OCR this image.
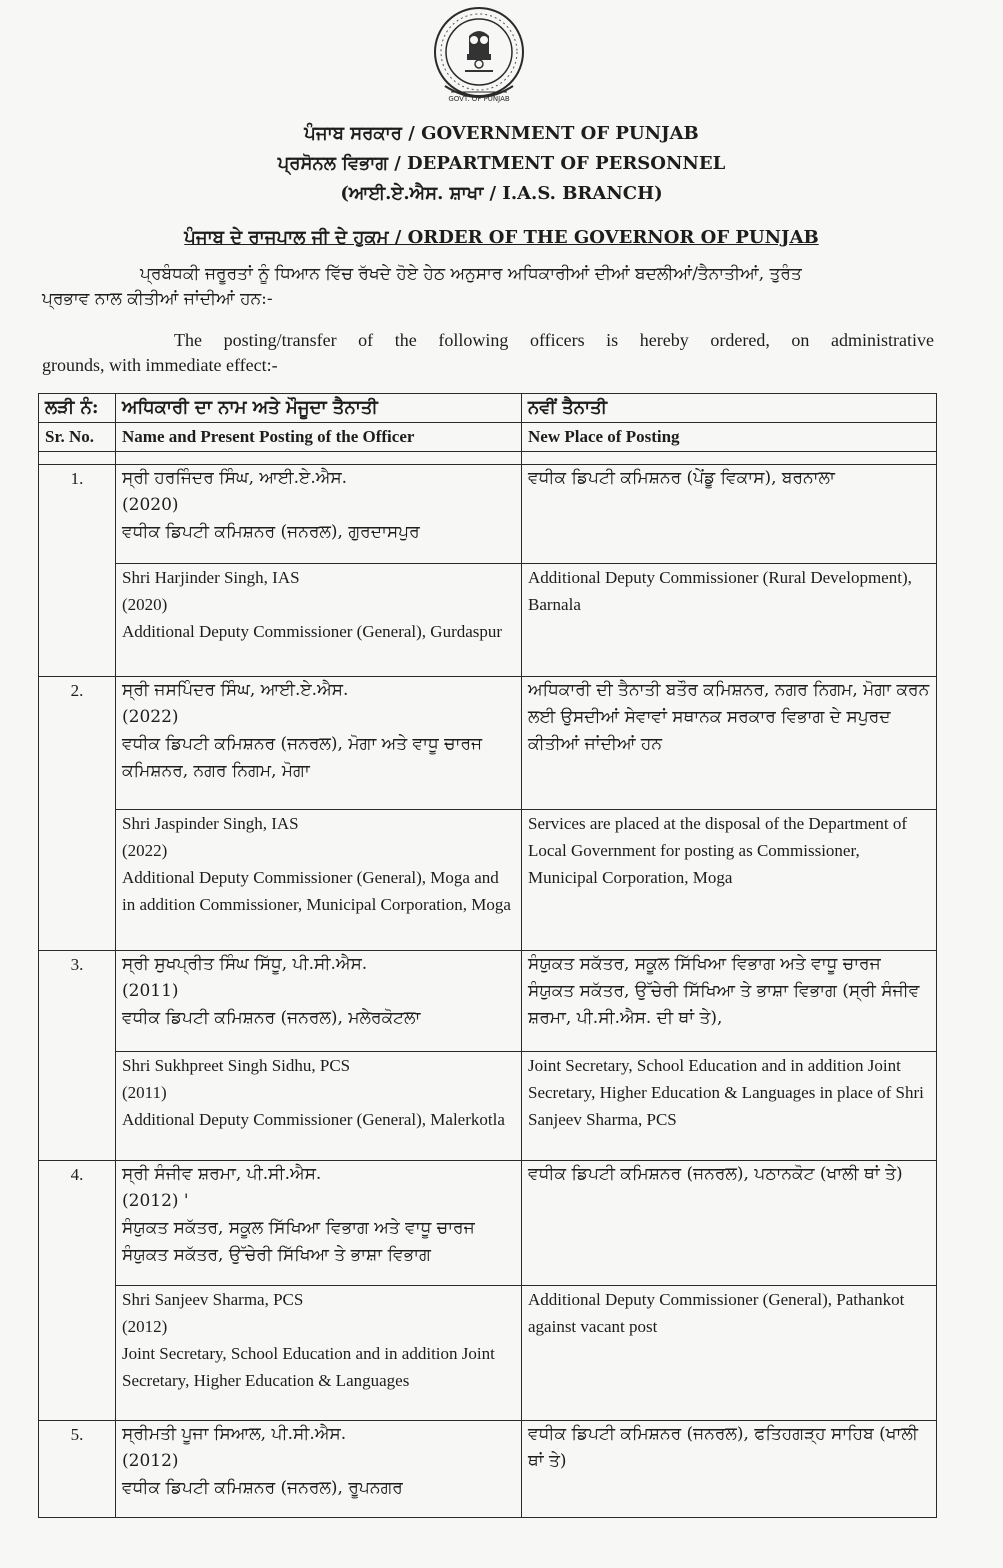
GOVT. OF PUNJAB
ਪੰਜਾਬ ਸਰਕਾਰ / GOVERNMENT OF PUNJAB
ਪ੍ਰਸੋਨਲ ਵਿਭਾਗ / DEPARTMENT OF PERSONNEL
(ਆਈ.ਏ.ਐਸ. ਸ਼ਾਖਾ / I.A.S. BRANCH)
ਪੰਜਾਬ ਦੇ ਰਾਜਪਾਲ ਜੀ ਦੇ ਹੁਕਮ / ORDER OF THE GOVERNOR OF PUNJAB
ਪ੍ਰਬੰਧਕੀ ਜਰੂਰਤਾਂ ਨੂੰ ਧਿਆਨ ਵਿੱਚ ਰੱਖਦੇ ਹੋਏ ਹੇਠ ਅਨੁਸਾਰ ਅਧਿਕਾਰੀਆਂ ਦੀਆਂ ਬਦਲੀਆਂ/ਤੈਨਾਤੀਆਂ, ਤੁਰੰਤ
ਪ੍ਰਭਾਵ ਨਾਲ ਕੀਤੀਆਂ ਜਾਂਦੀਆਂ ਹਨ:-
The posting/transfer of the following officers is hereby ordered, on administrative
grounds, with immediate effect:-
ਲੜੀ ਨੰ:	ਅਧਿਕਾਰੀ ਦਾ ਨਾਮ ਅਤੇ ਮੌਜੂਦਾ ਤੈਨਾਤੀ	ਨਵੀਂ ਤੈਨਾਤੀ
Sr. No.	Name and Present Posting of the Officer	New Place of Posting

1.	ਸ੍ਰੀ ਹਰਜਿੰਦਰ ਸਿੰਘ, ਆਈ.ਏ.ਐਸ.
(2020)
ਵਧੀਕ ਡਿਪਟੀ ਕਮਿਸ਼ਨਰ (ਜਨਰਲ), ਗੁਰਦਾਸਪੁਰ	ਵਧੀਕ ਡਿਪਟੀ ਕਮਿਸ਼ਨਰ (ਪੇਂਡੂ ਵਿਕਾਸ), ਬਰਨਾਲਾ

	Shri Harjinder Singh, IAS
(2020)
Additional Deputy Commissioner (General), Gurdaspur	Additional Deputy Commissioner (Rural Development), Barnala
2.	ਸ੍ਰੀ ਜਸਪਿੰਦਰ ਸਿੰਘ, ਆਈ.ਏ.ਐਸ.
(2022)
ਵਧੀਕ ਡਿਪਟੀ ਕਮਿਸ਼ਨਰ (ਜਨਰਲ), ਮੋਗਾ ਅਤੇ ਵਾਧੂ ਚਾਰਜ ਕਮਿਸ਼ਨਰ, ਨਗਰ ਨਿਗਮ, ਮੋਗਾ	ਅਧਿਕਾਰੀ ਦੀ ਤੈਨਾਤੀ ਬਤੌਰ ਕਮਿਸ਼ਨਰ, ਨਗਰ ਨਿਗਮ, ਮੋਗਾ ਕਰਨ ਲਈ ਉਸਦੀਆਂ ਸੇਵਾਵਾਂ ਸਥਾਨਕ ਸਰਕਾਰ ਵਿਭਾਗ ਦੇ ਸਪੁਰਦ ਕੀਤੀਆਂ ਜਾਂਦੀਆਂ ਹਨ

	Shri Jaspinder Singh, IAS
(2022)
Additional Deputy Commissioner (General), Moga and in addition Commissioner, Municipal Corporation, Moga	Services are placed at the disposal of the Department of Local Government for posting as Commissioner, Municipal Corporation, Moga
3.	ਸ੍ਰੀ ਸੁਖਪ੍ਰੀਤ ਸਿੰਘ ਸਿੱਧੂ, ਪੀ.ਸੀ.ਐਸ.
(2011)
ਵਧੀਕ ਡਿਪਟੀ ਕਮਿਸ਼ਨਰ (ਜਨਰਲ), ਮਲੇਰਕੋਟਲਾ	ਸੰਯੁਕਤ ਸਕੱਤਰ, ਸਕੂਲ ਸਿੱਖਿਆ ਵਿਭਾਗ ਅਤੇ ਵਾਧੂ ਚਾਰਜ ਸੰਯੁਕਤ ਸਕੱਤਰ, ਉੱਚੇਰੀ ਸਿੱਖਿਆ ਤੇ ਭਾਸ਼ਾ ਵਿਭਾਗ (ਸ੍ਰੀ ਸੰਜੀਵ ਸ਼ਰਮਾ, ਪੀ.ਸੀ.ਐਸ. ਦੀ ਥਾਂ ਤੇ),

	Shri Sukhpreet Singh Sidhu, PCS
(2011)
Additional Deputy Commissioner (General), Malerkotla	Joint Secretary, School Education and in addition Joint Secretary, Higher Education & Languages in place of Shri Sanjeev Sharma, PCS
4.	ਸ੍ਰੀ ਸੰਜੀਵ ਸ਼ਰਮਾ, ਪੀ.ਸੀ.ਐਸ.
(2012) '
ਸੰਯੁਕਤ ਸਕੱਤਰ, ਸਕੂਲ ਸਿੱਖਿਆ ਵਿਭਾਗ ਅਤੇ ਵਾਧੂ ਚਾਰਜ ਸੰਯੁਕਤ ਸਕੱਤਰ, ਉੱਚੇਰੀ ਸਿੱਖਿਆ ਤੇ ਭਾਸ਼ਾ ਵਿਭਾਗ	ਵਧੀਕ ਡਿਪਟੀ ਕਮਿਸ਼ਨਰ (ਜਨਰਲ), ਪਠਾਨਕੋਟ (ਖਾਲੀ ਥਾਂ ਤੇ)

	Shri Sanjeev Sharma, PCS
(2012)
Joint Secretary, School Education and in addition Joint Secretary, Higher Education & Languages	Additional Deputy Commissioner (General), Pathankot against vacant post
5.	ਸ੍ਰੀਮਤੀ ਪੂਜਾ ਸਿਆਲ, ਪੀ.ਸੀ.ਐਸ.
(2012)
ਵਧੀਕ ਡਿਪਟੀ ਕਮਿਸ਼ਨਰ (ਜਨਰਲ), ਰੂਪਨਗਰ	ਵਧੀਕ ਡਿਪਟੀ ਕਮਿਸ਼ਨਰ (ਜਨਰਲ), ਫਤਿਹਗੜ੍ਹ ਸਾਹਿਬ (ਖਾਲੀ ਥਾਂ ਤੇ)
